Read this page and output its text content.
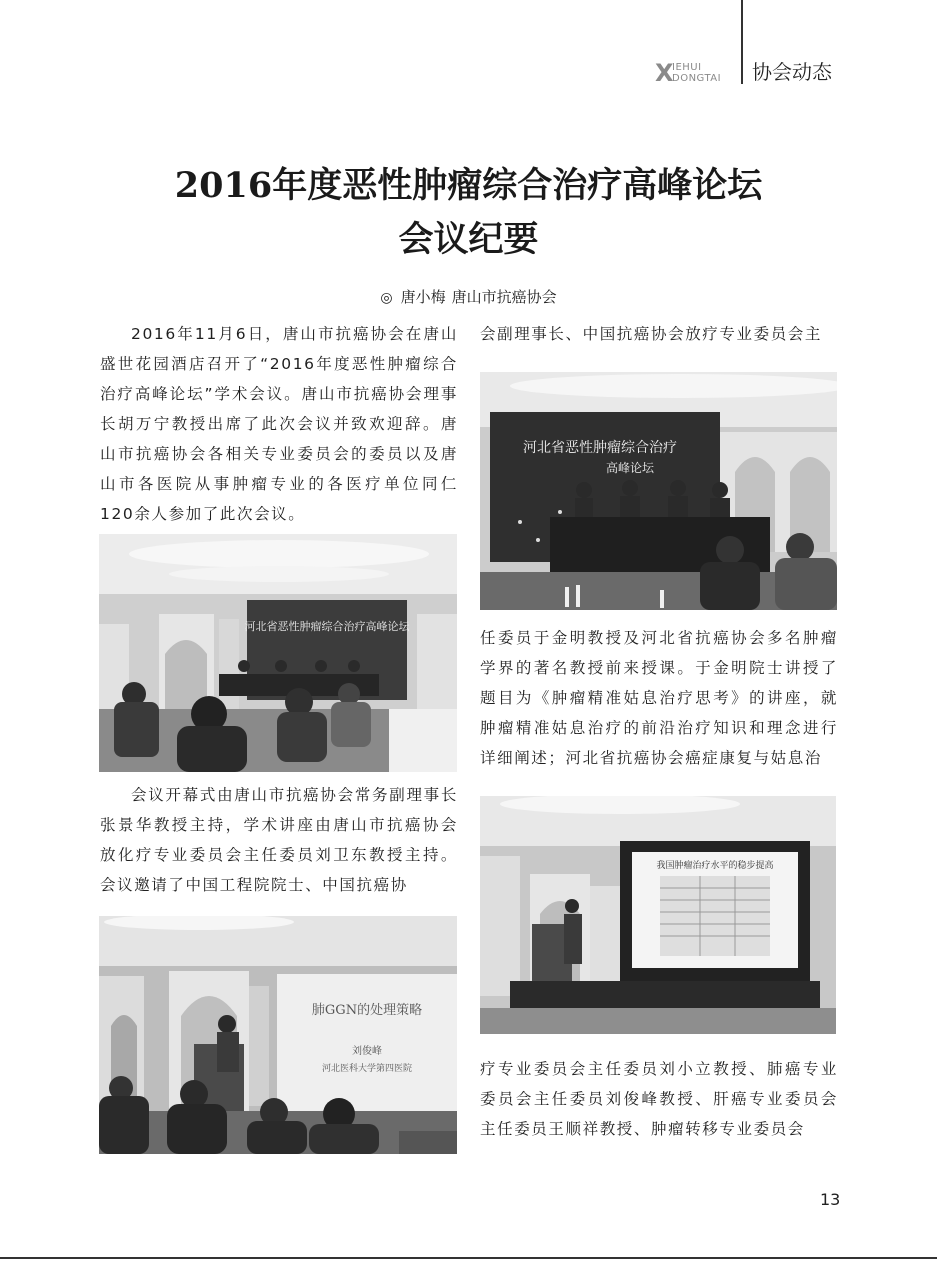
X
IEHUI
DONGTAI 协会动态
2016年度恶性肿瘤综合治疗高峰论坛
会议纪要
◎ 唐小梅 唐山市抗癌协会

2016年11月6日，唐山市抗癌协会在唐山盛世花园酒店召开了“2016年度恶性肿瘤综合治疗高峰论坛”学术会议。唐山市抗癌协会理事长胡万宁教授出席了此次会议并致欢迎辞。唐山市抗癌协会各相关专业委员会的委员以及唐山市各医院从事肿瘤专业的各医疗单位同仁120余人参加了此次会议。

河北省恶性肿瘤综合治疗高峰论坛

会议开幕式由唐山市抗癌协会常务副理事长张景华教授主持，学术讲座由唐山市抗癌协会放化疗专业委员会主任委员刘卫东教授主持。会议邀请了中国工程院院士、中国抗癌协

肺GGN的处理策略
刘俊峰
河北医科大学第四医院

会副理事长、中国抗癌协会放疗专业委员会主

河北省恶性肿瘤综合治疗
高峰论坛

任委员于金明教授及河北省抗癌协会多名肿瘤学界的著名教授前来授课。于金明院士讲授了题目为《肿瘤精准姑息治疗思考》的讲座，就肿瘤精准姑息治疗的前沿治疗知识和理念进行详细阐述；河北省抗癌协会癌症康复与姑息治

我国肿瘤治疗水平的稳步提高

疗专业委员会主任委员刘小立教授、肺癌专业委员会主任委员刘俊峰教授、肝癌专业委员会主任委员王顺祥教授、肿瘤转移专业委员会

13
